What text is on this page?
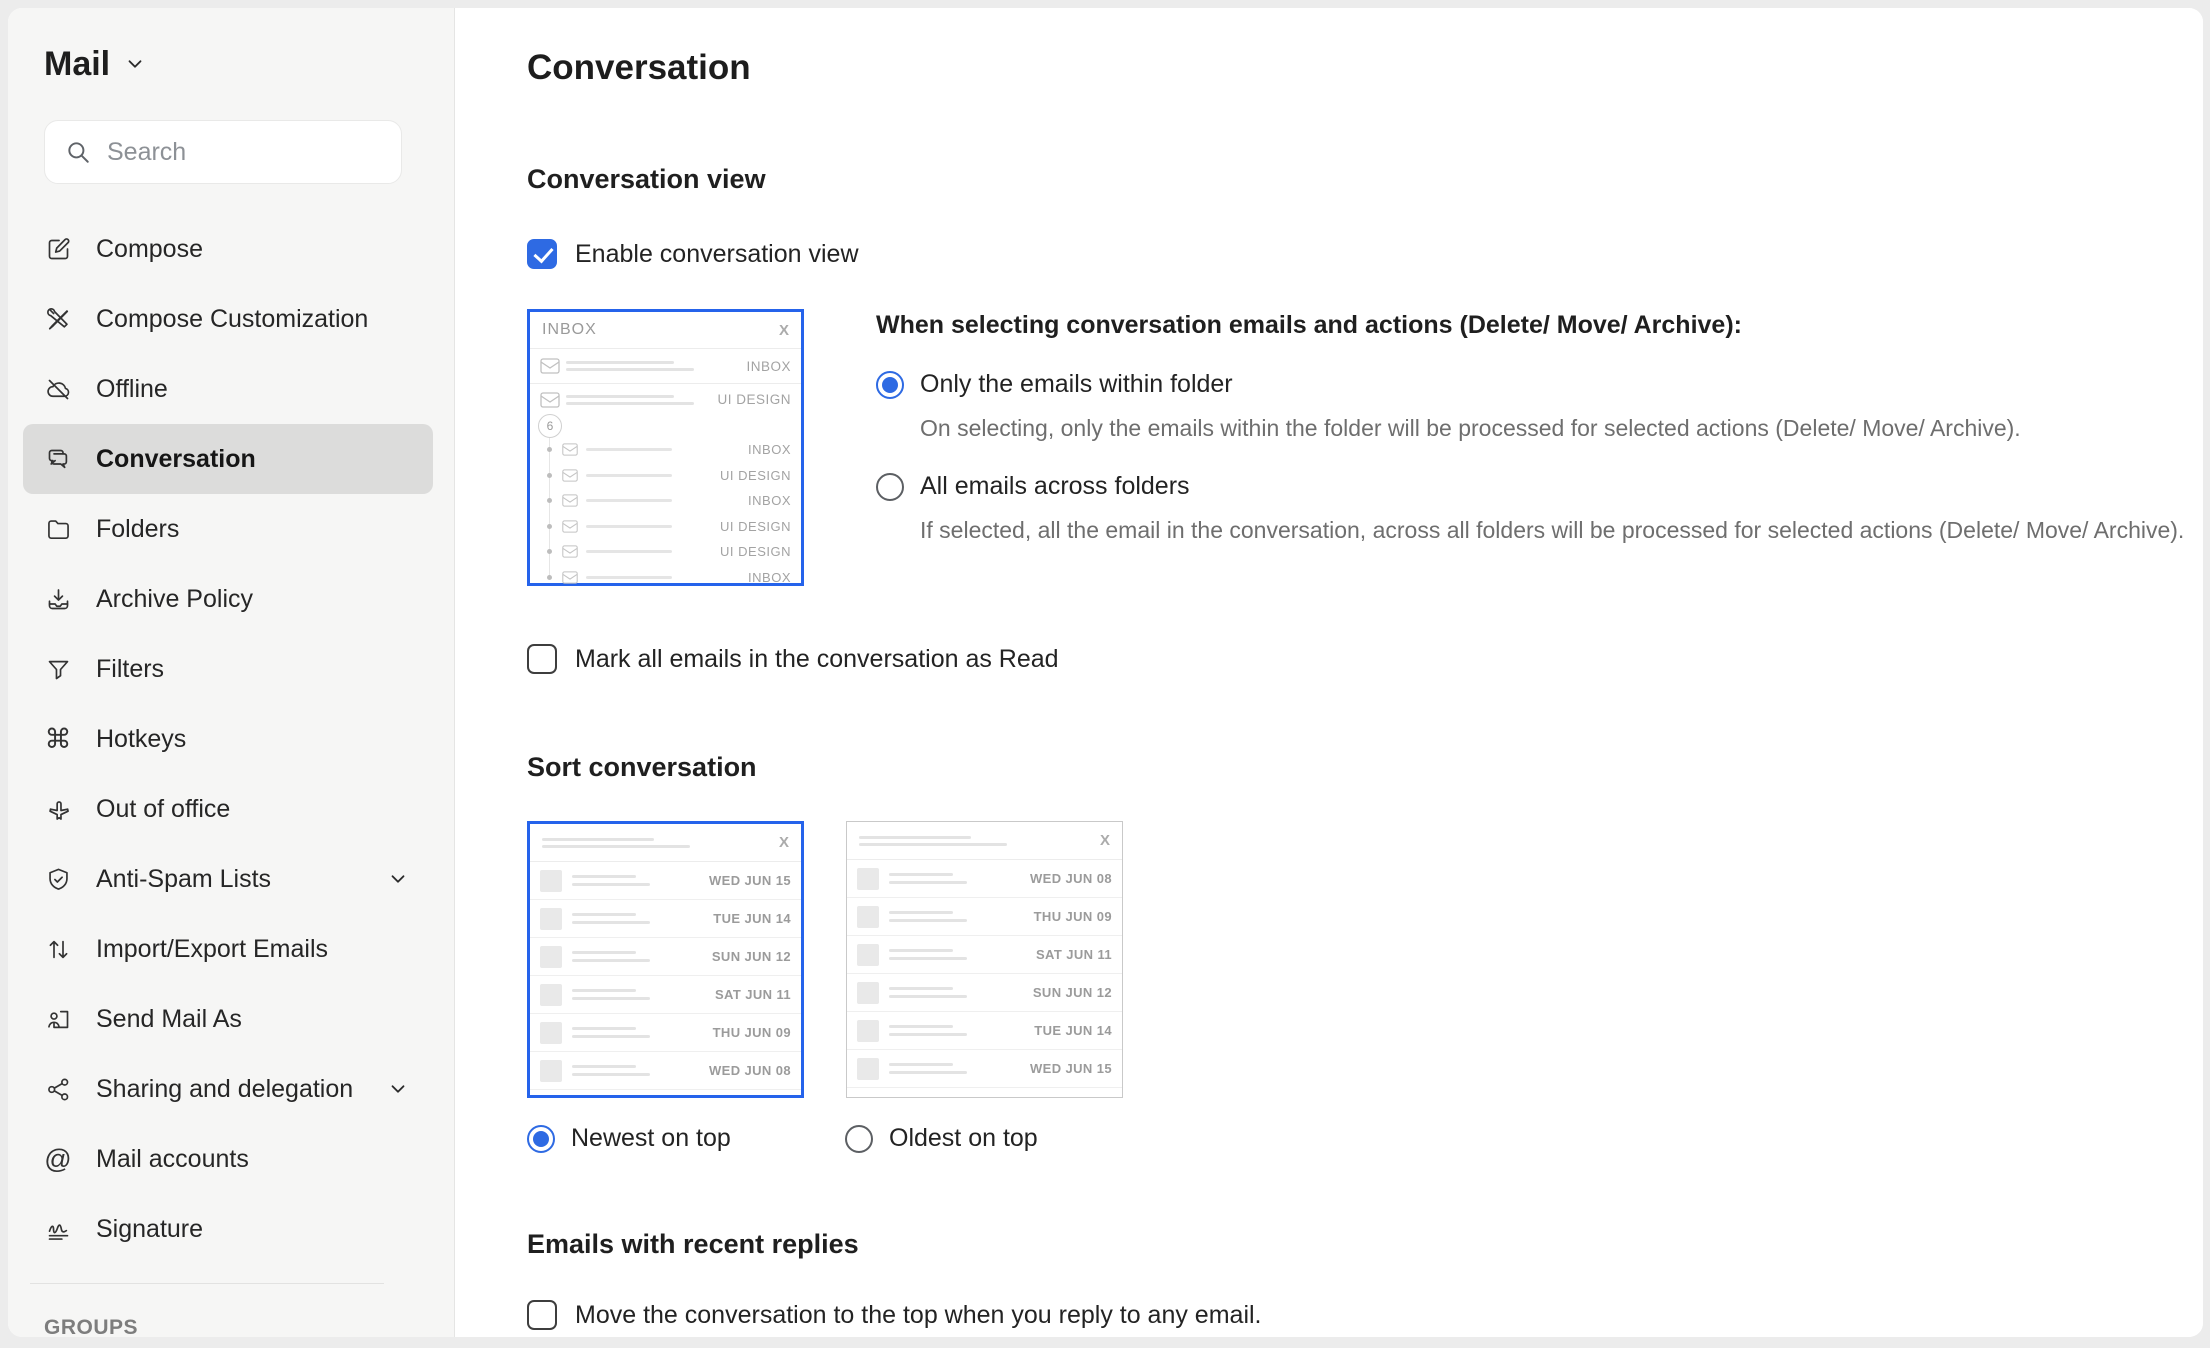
Mail
Search
Compose
Compose Customization
Offline
Conversation
Folders
Archive Policy
Filters
⌘ Hotkeys
Out of office
Anti-Spam Lists
Import/Export Emails
Send Mail As
Sharing and delegation
@ Mail accounts
Signature
GROUPS
Conversation
Conversation view
Enable conversation view
INBOX	X
INBOX
UI DESIGN
6
INBOX
UI DESIGN
INBOX
UI DESIGN
UI DESIGN
INBOX
When selecting conversation emails and actions (Delete/ Move/ Archive):
Only the emails within folder
On selecting, only the emails within the folder will be processed for selected actions (Delete/ Move/ Archive).
All emails across folders
If selected, all the email in the conversation, across all folders will be processed for selected actions (Delete/ Move/ Archive).
Mark all emails in the conversation as Read
Sort conversation
X
WED JUN 15
TUE JUN 14
SUN JUN 12
SAT JUN 11
THU JUN 09
WED JUN 08
X
WED JUN 08
THU JUN 09
SAT JUN 11
SUN JUN 12
TUE JUN 14
WED JUN 15
Newest on top	Oldest on top
Emails with recent replies
Move the conversation to the top when you reply to any email.
